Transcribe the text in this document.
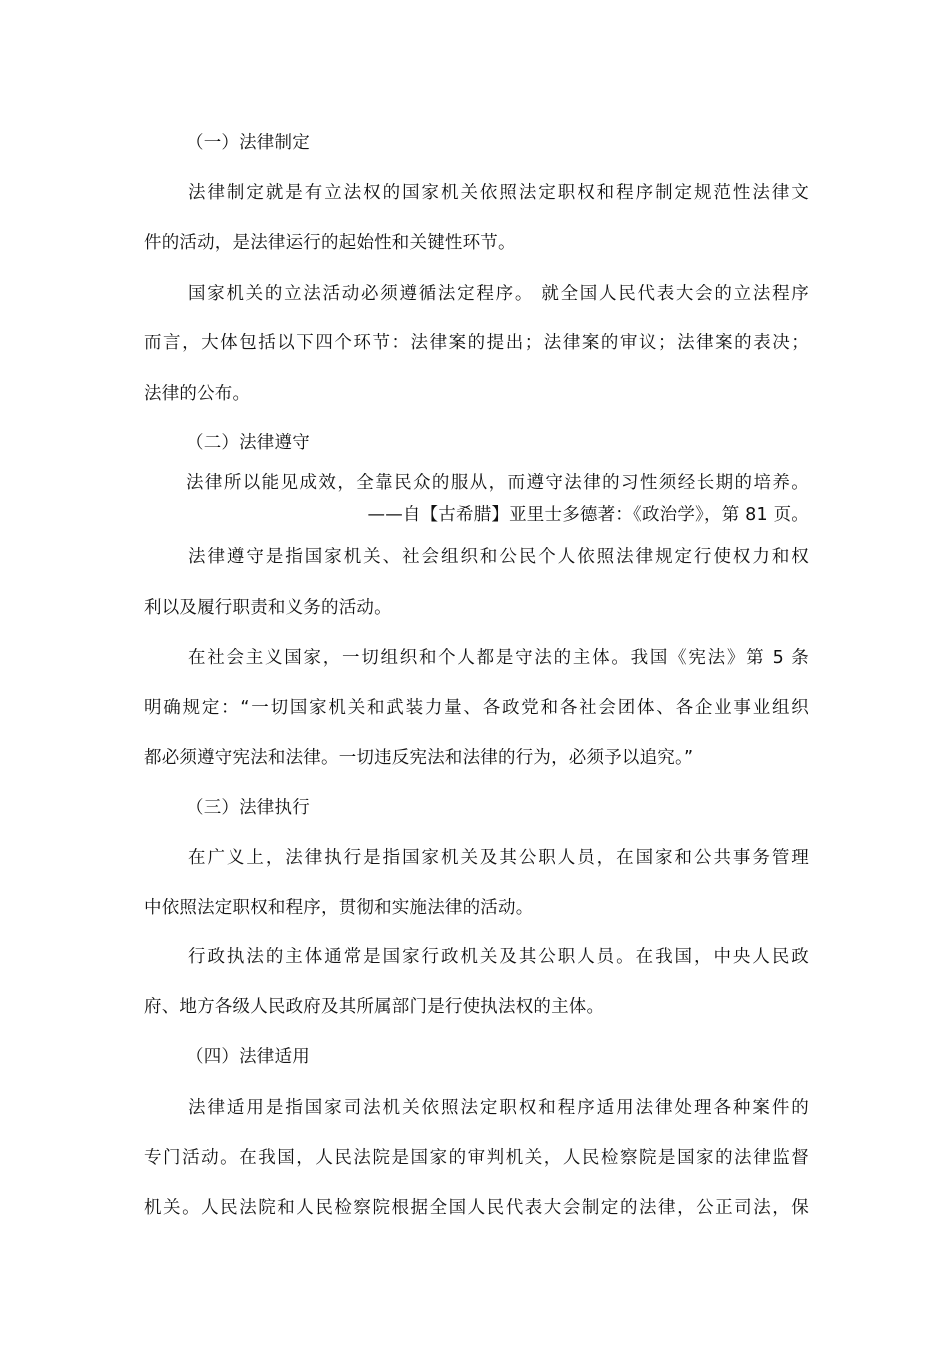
（一）法律制定
法律制定就是有立法权的国家机关依照法定职权和程序制定规范性法律文
件的活动，是法律运行的起始性和关键性环节。
国家机关的立法活动必须遵循法定程序。 就全国人民代表大会的立法程序
而言，大体包括以下四个环节：法律案的提出；法律案的审议；法律案的表决；
法律的公布。
（二）法律遵守
法律所以能见成效，全靠民众的服从，而遵守法律的习性须经长期的培养。
——自【古希腊】亚里士多德著：《政治学》，第 81 页。
法律遵守是指国家机关、社会组织和公民个人依照法律规定行使权力和权
利以及履行职责和义务的活动。
在社会主义国家，一切组织和个人都是守法的主体。我国《宪法》第 5 条
明确规定：“一切国家机关和武装力量、各政党和各社会团体、各企业事业组织
都必须遵守宪法和法律。一切违反宪法和法律的行为，必须予以追究。”
（三）法律执行
在广义上，法律执行是指国家机关及其公职人员，在国家和公共事务管理
中依照法定职权和程序，贯彻和实施法律的活动。
行政执法的主体通常是国家行政机关及其公职人员。在我国，中央人民政
府、地方各级人民政府及其所属部门是行使执法权的主体。
（四）法律适用
法律适用是指国家司法机关依照法定职权和程序适用法律处理各种案件的
专门活动。在我国，人民法院是国家的审判机关，人民检察院是国家的法律监督
机关。人民法院和人民检察院根据全国人民代表大会制定的法律，公正司法，保
